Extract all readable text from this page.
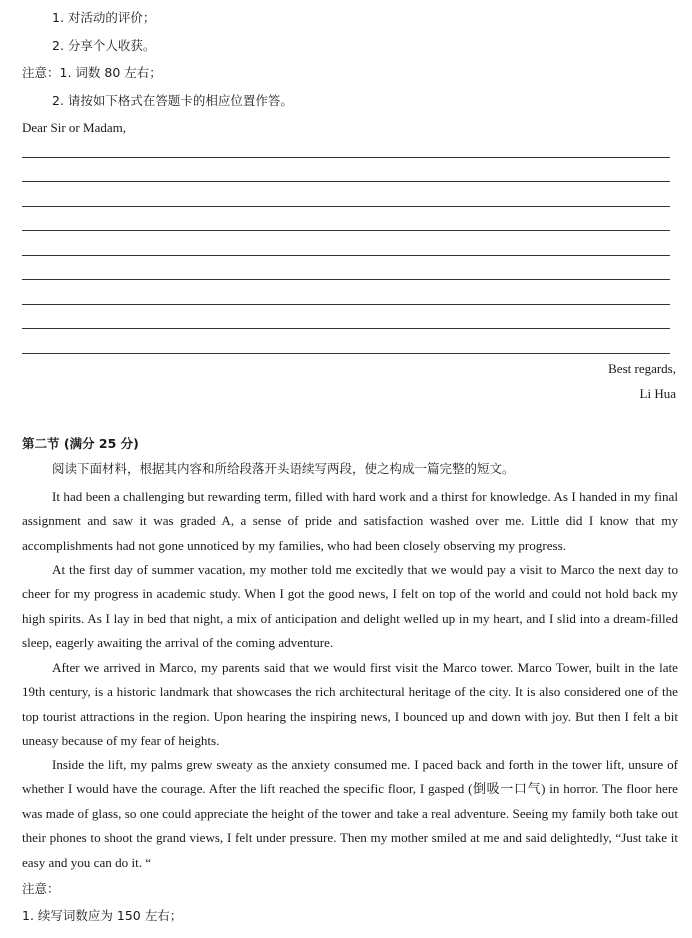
1. 对活动的评价；
2. 分享个人收获。
注意：1. 词数 80 左右；
2. 请按如下格式在答题卡的相应位置作答。
Dear Sir or Madam,
Best regards,
Li Hua
第二节 (满分 25 分)
阅读下面材料，根据其内容和所给段落开头语续写两段，使之构成一篇完整的短文。

It had been a challenging but rewarding term, filled with hard work and a thirst for knowledge. As I handed in my final assignment and saw it was graded A, a sense of pride and satisfaction washed over me. Little did I know that my accomplishments had not gone unnoticed by my families, who had been closely observing my progress.

At the first day of summer vacation, my mother told me excitedly that we would pay a visit to Marco the next day to cheer for my progress in academic study. When I got the good news, I felt on top of the world and could not hold back my high spirits. As I lay in bed that night, a mix of anticipation and delight welled up in my heart, and I slid into a dream-filled sleep, eagerly awaiting the arrival of the coming adventure.

After we arrived in Marco, my parents said that we would first visit the Marco tower. Marco Tower, built in the late 19th century, is a historic landmark that showcases the rich architectural heritage of the city. It is also considered one of the top tourist attractions in the region. Upon hearing the inspiring news, I bounced up and down with joy. But then I felt a bit uneasy because of my fear of heights.

Inside the lift, my palms grew sweaty as the anxiety consumed me. I paced back and forth in the tower lift, unsure of whether I would have the courage. After the lift reached the specific floor, I gasped (倒吸一口气) in horror. The floor here was made of glass, so one could appreciate the height of the tower and take a real adventure. Seeing my family both take out their phones to shoot the grand views, I felt under pressure. Then my mother smiled at me and said delightedly, “Just take it easy and you can do it. “

注意：
1. 续写词数应为 150 左右；
